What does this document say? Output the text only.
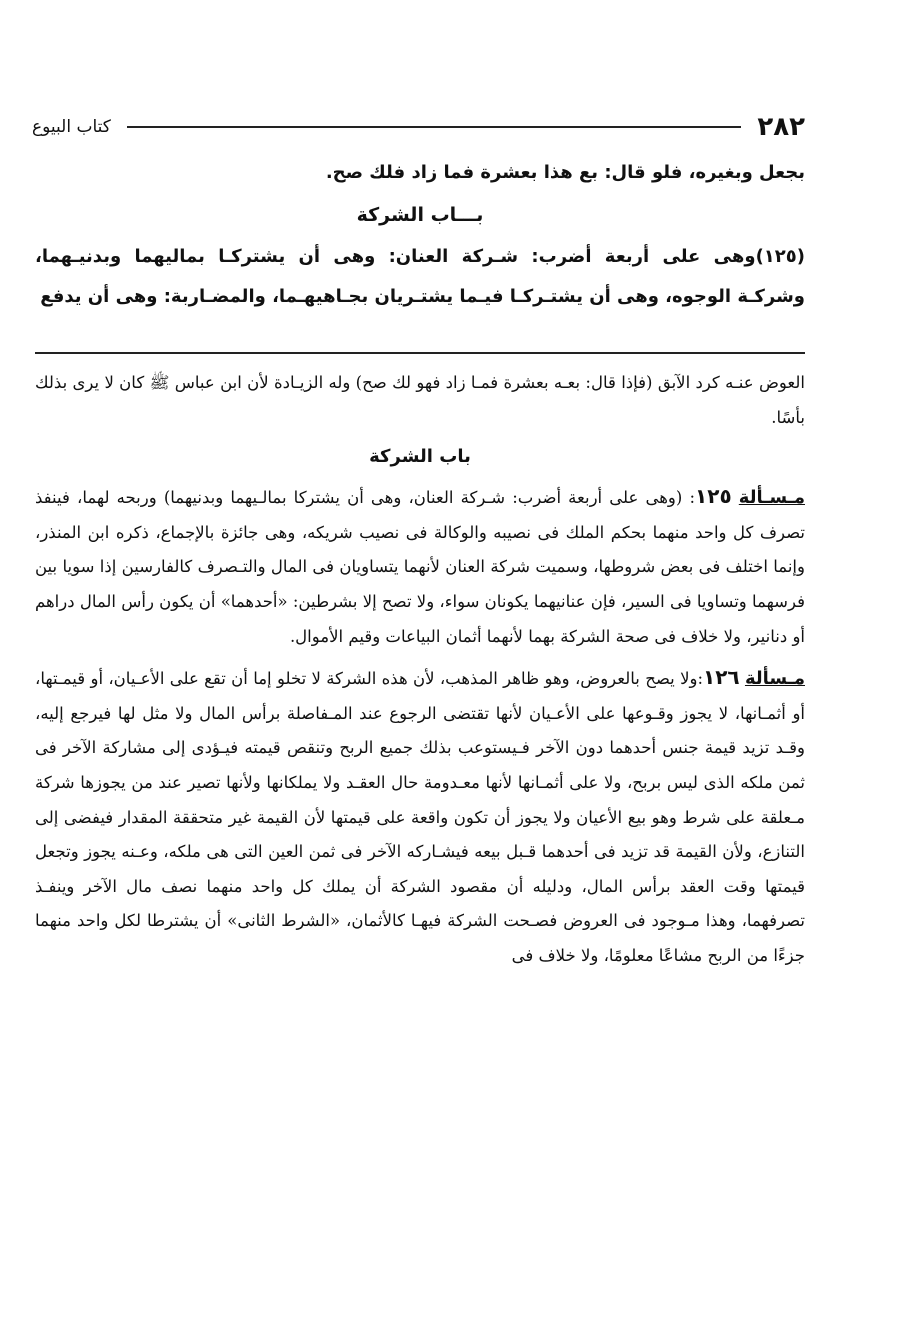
٢٨٢
كتاب البيوع

بجعل وبغيره، فلو قال: بع هذا بعشرة فما زاد فلك صح.

بـــاب الشركة

(١٢٥)وهى على أربعة أضرب: شـركة العنان: وهى أن يشتركـا بماليهما وبدنيـهما، وشركـة الوجوه، وهى أن يشتـركـا فيـما يشتـريان بجـاهيهـما، والمضـاربة: وهى أن يدفع

العوض عنـه كرد الآبق (فإذا قال: بعـه بعشرة فمـا زاد فهو لك صح) وله الزيـادة لأن ابن عباس ﷺ كان لا يرى بذلك بأسًا.

باب الشركة

مـسـألة ١٢٥: (وهى على أربعة أضرب: شـركة العنان، وهى أن يشتركا بمالـيهما وبدنيهما) وربحه لهما، فينفذ تصرف كل واحد منهما بحكم الملك فى نصيبه والوكالة فى نصيب شريكه، وهى جائزة بالإجماع، ذكره ابن المنذر، وإنما اختلف فى بعض شروطها، وسميت شركة العنان لأنهما يتساويان فى المال والتـصرف كالفارسين إذا سويا بين فرسهما وتساويا فى السير، فإن عنانيهما يكونان سواء، ولا تصح إلا بشرطين: «أحدهما» أن يكون رأس المال دراهم أو دنانير، ولا خلاف فى صحة الشركة بهما لأنهما أثمان البياعات وقيم الأموال.

مـسألة ١٢٦:ولا يصح بالعروض، وهو ظاهر المذهب، لأن هذه الشركة لا تخلو إما أن تقع على الأعـيان، أو قيمـتها، أو أثمـانها، لا يجوز وقـوعها على الأعـيان لأنها تقتضى الرجوع عند المـفاصلة برأس المال ولا مثل لها فيرجع إليه، وقـد تزيد قيمة جنس أحدهما دون الآخر فـيستوعب بذلك جميع الربح وتنقص قيمته فيـؤدى إلى مشاركة الآخر فى ثمن ملكه الذى ليس بربح، ولا على أثمـانها لأنها معـدومة حال العقـد ولا يملكانها ولأنها تصير عند من يجوزها شركة مـعلقة على شرط وهو بيع الأعيان ولا يجوز أن تكون واقعة على قيمتها لأن القيمة غير متحققة المقدار فيفضى إلى التنازع، ولأن القيمة قد تزيد فى أحدهما قـبل بيعه فيشـاركه الآخر فى ثمن العين التى هى ملكه، وعـنه يجوز وتجعل قيمتها وقت العقد برأس المال، ودليله أن مقصود الشركة أن يملك كل واحد منهما نصف مال الآخر وينفـذ تصرفهما، وهذا مـوجود فى العروض فصـحت الشركة فيهـا كالأثمان، «الشرط الثانى» أن يشترطا لكل واحد منهما جزءًا من الربح مشاعًا معلومًا، ولا خلاف فى
